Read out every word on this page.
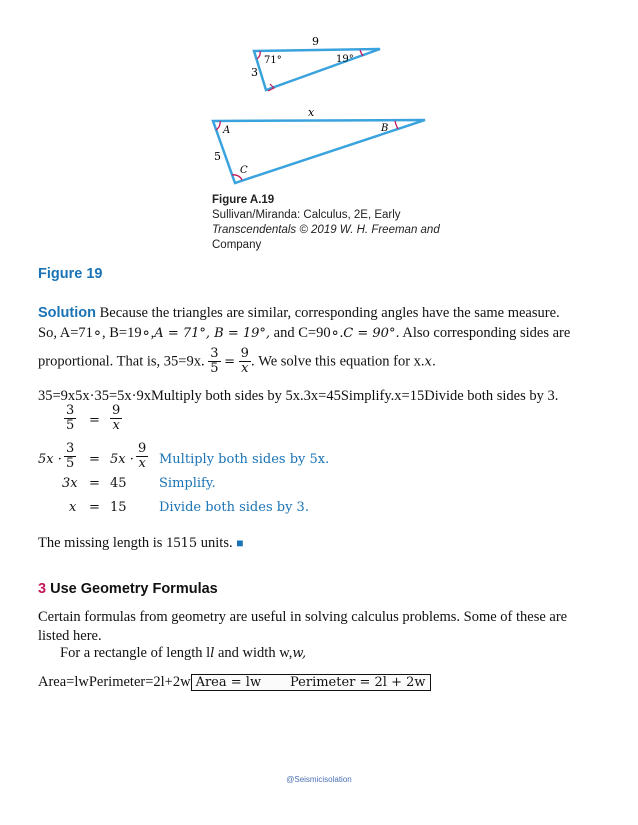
9
3
71°	19°
x
5
A	B
C
Figure A.19
Sullivan/Miranda: Calculus, 2E, Early
Transcendentals © 2019 W. H. Freeman and
Company
Figure 19
Solution Because the triangles are similar, corresponding angles have the same measure.
So, A=71∘, B=19∘,A = 71°, B = 19°, and C=90∘.C = 90°. Also corresponding sides are
proportional. That is, 35=9x. $\frac{3}{5} = \frac{9}{x}$ . We solve this equation for x.x.
35=9x5x·35=5x·9xMultiply both sides by 5x.3x=45Simplify.x=15Divide both sides by 3.
$\frac{3}{5} = \frac{9}{x}$
$5x \cdot \frac{3}{5} = 5x \cdot \frac{9}{x}$ Multiply both sides by 5x.
3x = 45 Simplify.
x = 15 Divide both sides by 3.
The missing length is 1515 units. ■
3 Use Geometry Formulas
Certain formulas from geometry are useful in solving calculus problems. Some of these are
listed here.
For a rectangle of length ll and width w,w,
Area=lwPerimeter=2l+2w Area = lw       Perimeter = 2l + 2w
@Seismicisolation
